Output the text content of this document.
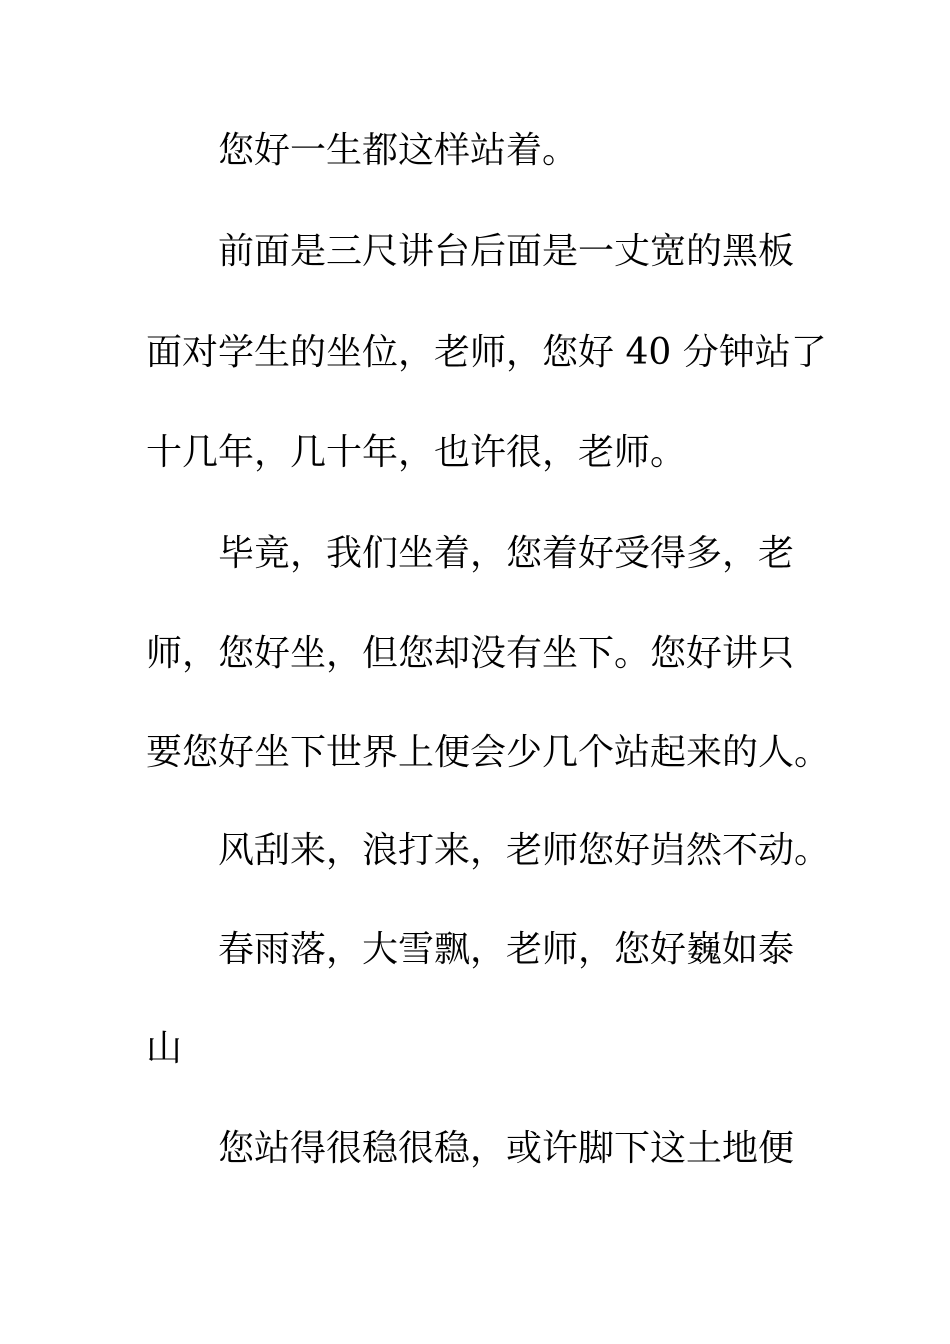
您好一生都这样站着。
前面是三尺讲台后面是一丈宽的黑板
面对学生的坐位，老师，您好 40 分钟站了
十几年，几十年，也许很，老师。
毕竟，我们坐着，您着好受得多，老
师，您好坐，但您却没有坐下。您好讲只
要您好坐下世界上便会少几个站起来的人。
风刮来，浪打来，老师您好岿然不动。
春雨落，大雪飘，老师，您好巍如泰
山
您站得很稳很稳，或许脚下这土地便
